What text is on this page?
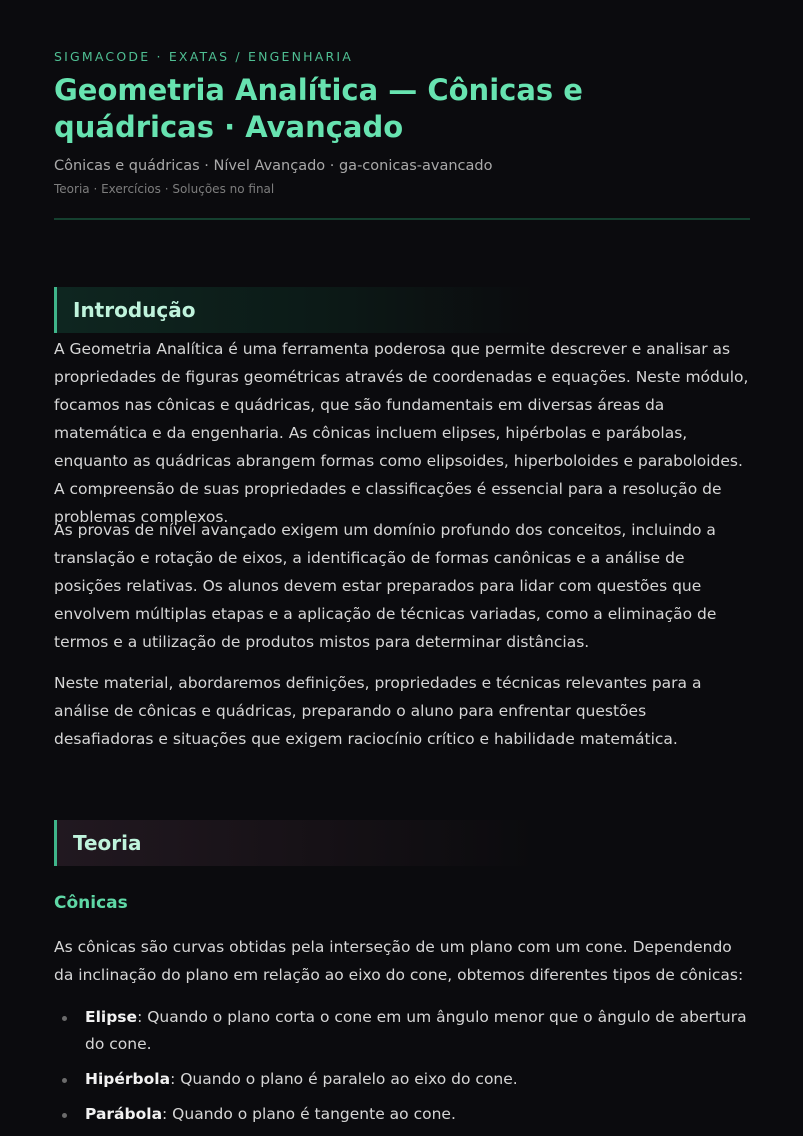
SIGMACODE · EXATAS / ENGENHARIA
Geometria Analítica — Cônicas e quádricas · Avançado
Cônicas e quádricas · Nível Avançado · ga-conicas-avancado
Teoria · Exercícios · Soluções no final
Introdução

A Geometria Analítica é uma ferramenta poderosa que permite descrever e analisar as propriedades de figuras geométricas através de coordenadas e equações. Neste módulo, focamos nas cônicas e quádricas, que são fundamentais em diversas áreas da matemática e da engenharia. As cônicas incluem elipses, hipérbolas e parábolas, enquanto as quádricas abrangem formas como elipsoides, hiperboloides e paraboloides. A compreensão de suas propriedades e classificações é essencial para a resolução de problemas complexos.

As provas de nível avançado exigem um domínio profundo dos conceitos, incluindo a translação e rotação de eixos, a identificação de formas canônicas e a análise de posições relativas. Os alunos devem estar preparados para lidar com questões que envolvem múltiplas etapas e a aplicação de técnicas variadas, como a eliminação de termos e a utilização de produtos mistos para determinar distâncias.

Neste material, abordaremos definições, propriedades e técnicas relevantes para a análise de cônicas e quádricas, preparando o aluno para enfrentar questões desafiadoras e situações que exigem raciocínio crítico e habilidade matemática.

Teoria
Cônicas

As cônicas são curvas obtidas pela interseção de um plano com um cone. Dependendo da inclinação do plano em relação ao eixo do cone, obtemos diferentes tipos de cônicas:

Elipse: Quando o plano corta o cone em um ângulo menor que o ângulo de abertura do cone.
Hipérbola: Quando o plano é paralelo ao eixo do cone.
Parábola: Quando o plano é tangente ao cone.
